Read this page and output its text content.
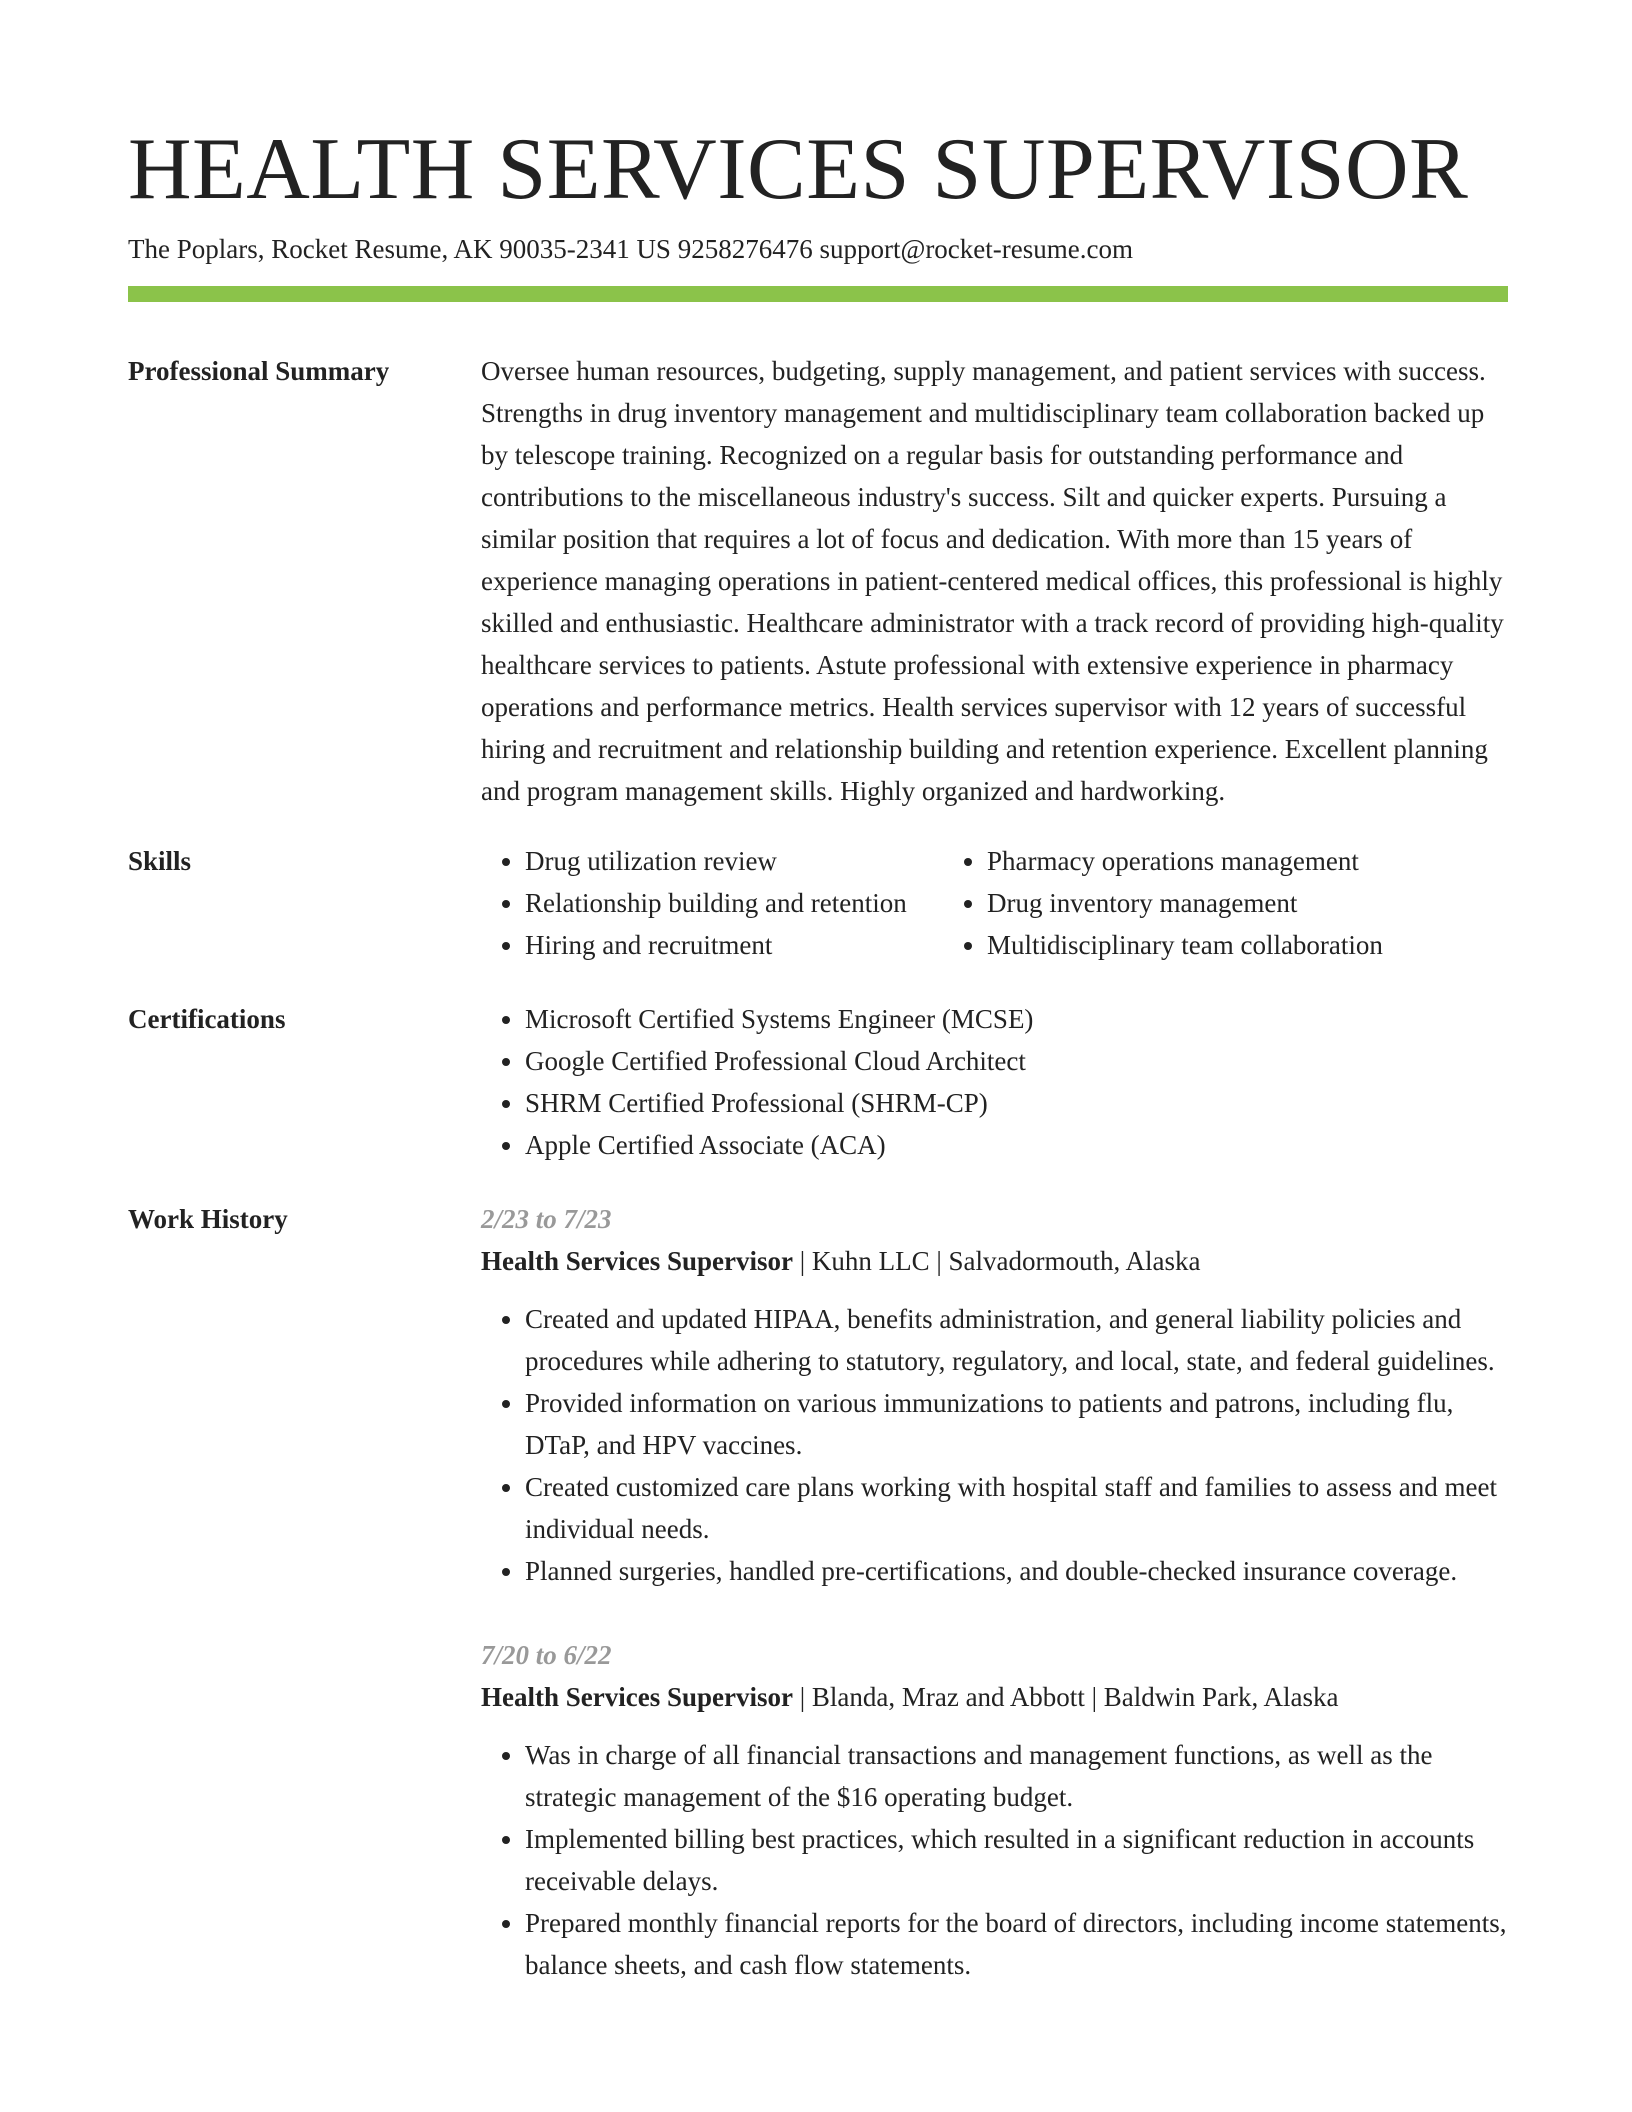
HEALTH SERVICES SUPERVISOR
The Poplars, Rocket Resume, AK 90035-2341 US 9258276476 support@rocket-resume.com
Professional Summary	Oversee human resources, budgeting, supply management, and patient services with success. Strengths in drug inventory management and multidisciplinary team collaboration backed up by telescope training. Recognized on a regular basis for outstanding performance and contributions to the miscellaneous industry's success. Silt and quicker experts. Pursuing a similar position that requires a lot of focus and dedication. With more than 15 years of experience managing operations in patient-centered medical offices, this professional is highly skilled and enthusiastic. Healthcare administrator with a track record of providing high-quality healthcare services to patients. Astute professional with extensive experience in pharmacy operations and performance metrics. Health services supervisor with 12 years of successful hiring and recruitment and relationship building and retention experience. Excellent planning and program management skills. Highly organized and hardworking.

Skills	• Drug utilization review
• Relationship building and retention
• Hiring and recruitment
• Pharmacy operations management
• Drug inventory management
• Multidisciplinary team collaboration
Certifications	• Microsoft Certified Systems Engineer (MCSE)
• Google Certified Professional Cloud Architect
• SHRM Certified Professional (SHRM-CP)
• Apple Certified Associate (ACA)
Work History	2/23 to 7/23
Health Services Supervisor | Kuhn LLC | Salvadormouth, Alaska
• Created and updated HIPAA, benefits administration, and general liability policies and procedures while adhering to statutory, regulatory, and local, state, and federal guidelines.
• Provided information on various immunizations to patients and patrons, including flu, DTaP, and HPV vaccines.
• Created customized care plans working with hospital staff and families to assess and meet individual needs.
• Planned surgeries, handled pre-certifications, and double-checked insurance coverage.
7/20 to 6/22
Health Services Supervisor | Blanda, Mraz and Abbott | Baldwin Park, Alaska
• Was in charge of all financial transactions and management functions, as well as the strategic management of the $16 operating budget.
• Implemented billing best practices, which resulted in a significant reduction in accounts receivable delays.
• Prepared monthly financial reports for the board of directors, including income statements, balance sheets, and cash flow statements.
